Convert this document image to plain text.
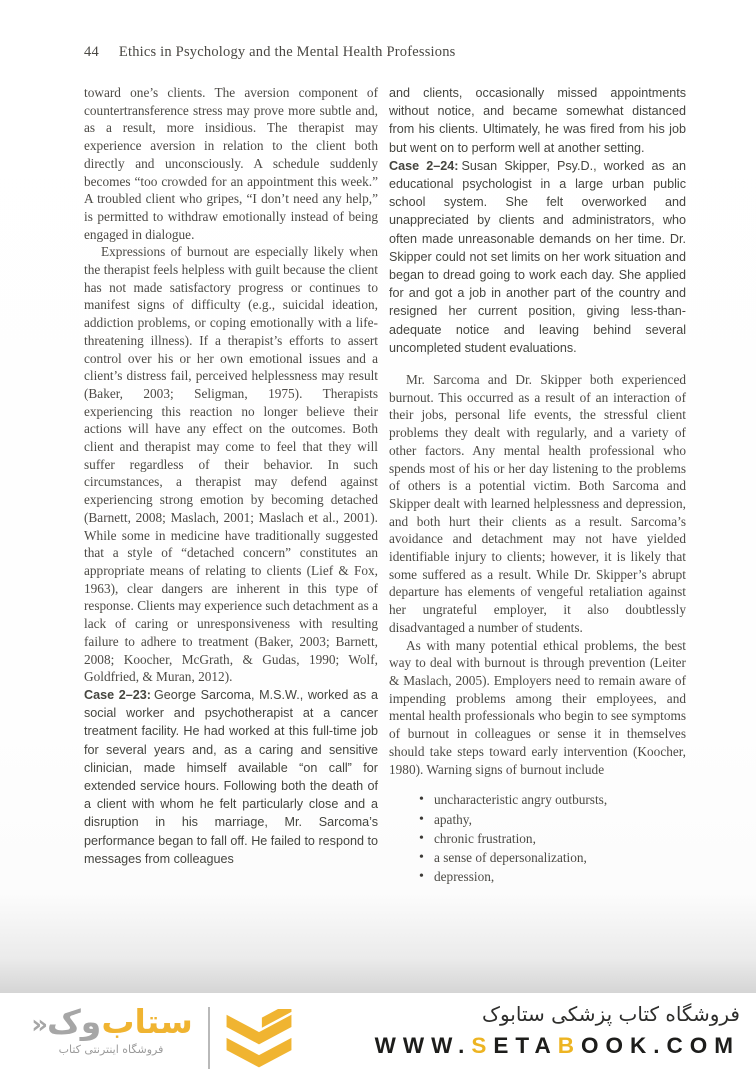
44 Ethics in Psychology and the Mental Health Professions

toward one’s clients. The aversion component of countertransference stress may prove more subtle and, as a result, more insidious. The therapist may experience aversion in relation to the client both directly and unconsciously. A schedule suddenly becomes “too crowded for an appointment this week.” A troubled client who gripes, “I don’t need any help,” is permitted to withdraw emotionally instead of being engaged in dialogue.

Expressions of burnout are especially likely when the therapist feels helpless with guilt because the client has not made satisfactory progress or continues to manifest signs of difficulty (e.g., suicidal ideation, addiction problems, or coping emotionally with a life-threatening illness). If a therapist’s efforts to assert control over his or her own emotional issues and a client’s distress fail, perceived helplessness may result (Baker, 2003; Seligman, 1975). Therapists experiencing this reaction no longer believe their actions will have any effect on the outcomes. Both client and therapist may come to feel that they will suffer regardless of their behavior. In such circumstances, a therapist may defend against experiencing strong emotion by becoming detached (Barnett, 2008; Maslach, 2001; Maslach et al., 2001). While some in medicine have traditionally suggested that a style of “detached concern” constitutes an appropriate means of relating to clients (Lief & Fox, 1963), clear dangers are inherent in this type of response. Clients may experience such detachment as a lack of caring or unresponsiveness with resulting failure to adhere to treatment (Baker, 2003; Barnett, 2008; Koocher, McGrath, & Gudas, 1990; Wolf, Goldfried, & Muran, 2012).

Case 2–23: George Sarcoma, M.S.W., worked as a social worker and psychotherapist at a cancer treatment facility. He had worked at this full-time job for several years and, as a caring and sensitive clinician, made himself available “on call” for extended service hours. Following both the death of a client with whom he felt particularly close and a disruption in his marriage, Mr. Sarcoma’s performance began to fall off. He failed to respond to messages from colleagues

and clients, occasionally missed appointments without notice, and became somewhat distanced from his clients. Ultimately, he was fired from his job but went on to perform well at another setting.

Case 2–24: Susan Skipper, Psy.D., worked as an educational psychologist in a large urban public school system. She felt overworked and unappreciated by clients and administrators, who often made unreasonable demands on her time. Dr. Skipper could not set limits on her work situation and began to dread going to work each day. She applied for and got a job in another part of the country and resigned her current position, giving less-than-adequate notice and leaving behind several uncompleted student evaluations.

Mr. Sarcoma and Dr. Skipper both experienced burnout. This occurred as a result of an interaction of their jobs, personal life events, the stressful client problems they dealt with regularly, and a variety of other factors. Any mental health professional who spends most of his or her day listening to the problems of others is a potential victim. Both Sarcoma and Skipper dealt with learned helplessness and depression, and both hurt their clients as a result. Sarcoma’s avoidance and detachment may not have yielded identifiable injury to clients; however, it is likely that some suffered as a result. While Dr. Skipper’s abrupt departure has elements of vengeful retaliation against her ungrateful employer, it also doubtlessly disadvantaged a number of students.

As with many potential ethical problems, the best way to deal with burnout is through prevention (Leiter & Maslach, 2005). Employers need to remain aware of impending problems among their employees, and mental health professionals who begin to see symptoms of burnout in colleagues or sense it in themselves should take steps toward early intervention (Koocher, 1980). Warning signs of burnout include

• uncharacteristic angry outbursts,
• apathy,
• chronic frustration,
• a sense of depersonalization,
• depression,
ستاب
وک
«
فروشگاه اینترنتی کتاب
فروشگاه کتاب پزشکی ستابوک
WWW.SETABOOK.COM
